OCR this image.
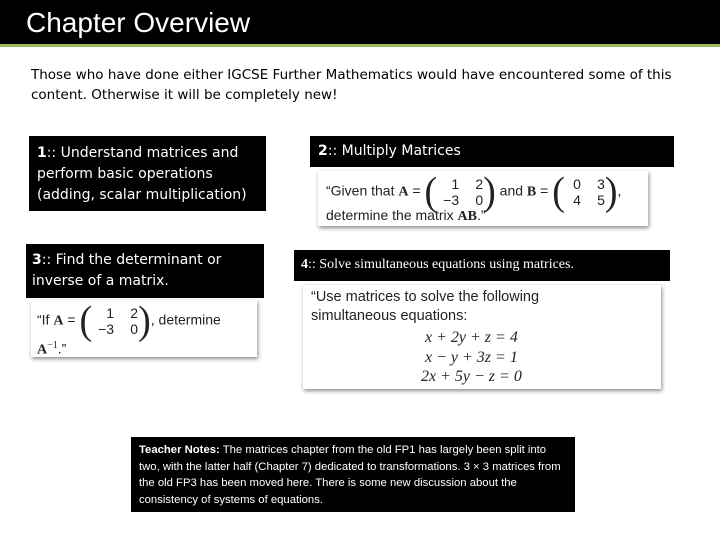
Chapter Overview
Those who have done either IGCSE Further Mathematics would have encountered some of this content. Otherwise it will be completely new!
1:: Understand matrices and perform basic operations (adding, scalar multiplication)
2:: Multiply Matrices
“Given that A = (	1	2
−3	0 ) and B = ( 0	3
4	5 ),
determine the matrix AB.”
3:: Find the determinant or inverse of a matrix.
“If A = (	1	2
−3	0 ), determine
$A^{-1}$.”
4:: Solve simultaneous equations using matrices.
“Use matrices to solve the following
simultaneous equations:
x + 2y + z = 4
x − y + 3z = 1
2x + 5y − z = 0
Teacher Notes: The matrices chapter from the old FP1 has largely been split into two, with the latter half (Chapter 7) dedicated to transformations. 3 × 3 matrices from the old FP3 has been moved here. There is some new discussion about the consistency of systems of equations.
